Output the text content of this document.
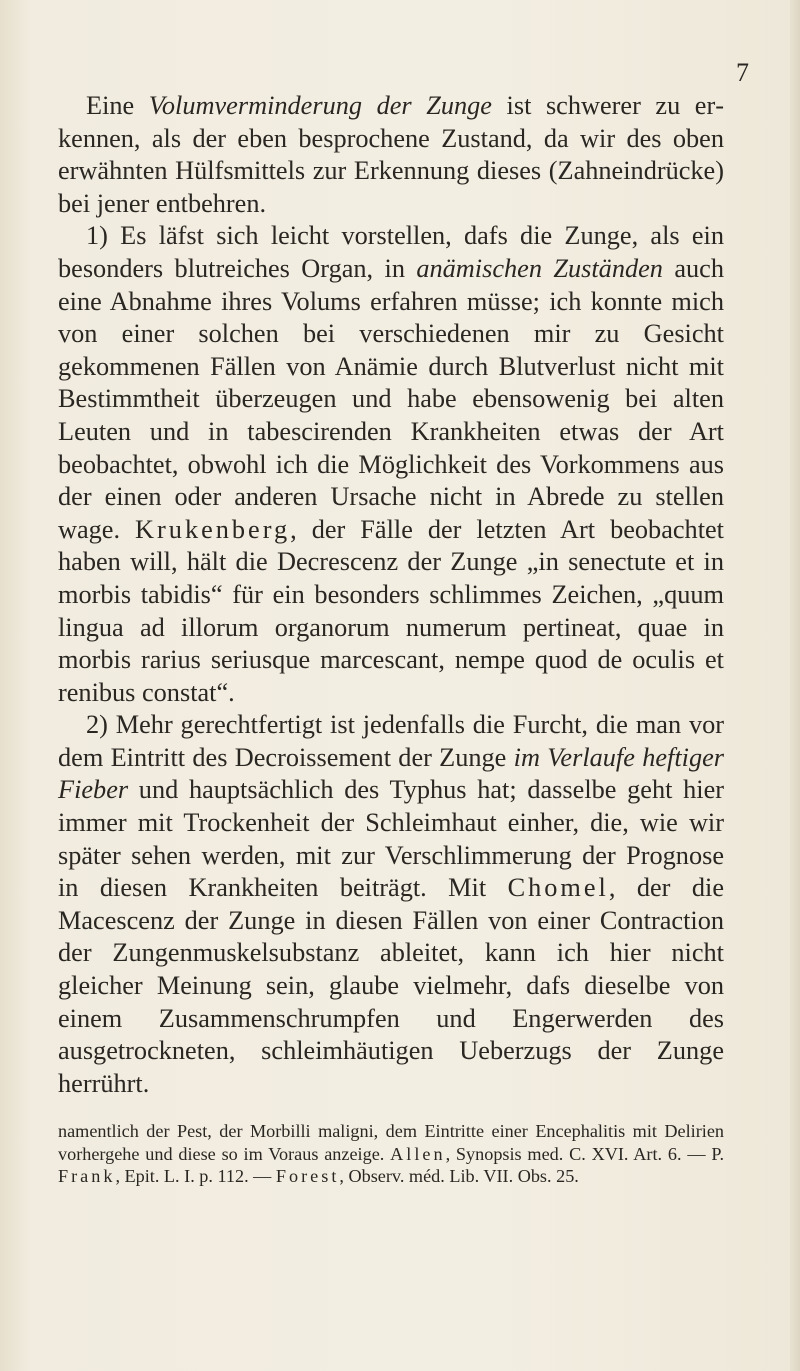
7

Eine Volumverminderung der Zunge ist schwerer zu erkennen, als der eben besprochene Zustand, da wir des oben erwähnten Hülfsmittels zur Erkennung dieses (Zahneindrücke) bei jener entbehren.

1) Es läfst sich leicht vorstellen, dafs die Zunge, als ein besonders blutreiches Organ, in anämischen Zuständen auch eine Abnahme ihres Volums erfahren müsse; ich konnte mich von einer solchen bei verschiedenen mir zu Gesicht gekommenen Fällen von Anämie durch Blutverlust nicht mit Bestimmtheit überzeugen und habe ebensowenig bei alten Leuten und in tabescirenden Krankheiten etwas der Art beobachtet, obwohl ich die Möglichkeit des Vorkommens aus der einen oder anderen Ursache nicht in Abrede zu stellen wage. Krukenberg, der Fälle der letzten Art beobachtet haben will, hält die Decrescenz der Zunge „in senectute et in morbis tabidis“ für ein besonders schlimmes Zeichen, „quum lingua ad illorum organorum numerum pertineat, quae in morbis rarius seriusque marcescant, nempe quod de oculis et renibus constat“.

2) Mehr gerechtfertigt ist jedenfalls die Furcht, die man vor dem Eintritt des Decroissement der Zunge im Verlaufe heftiger Fieber und hauptsächlich des Typhus hat; dasselbe geht hier immer mit Trockenheit der Schleimhaut einher, die, wie wir später sehen werden, mit zur Verschlimmerung der Prognose in diesen Krankheiten beiträgt. Mit Chomel, der die Macescenz der Zunge in diesen Fällen von einer Contraction der Zungenmuskelsubstanz ableitet, kann ich hier nicht gleicher Meinung sein, glaube vielmehr, dafs dieselbe von einem Zusammenschrumpfen und Engerwerden des ausgetrockneten, schleimhäutigen Ueberzugs der Zunge herrührt.

namentlich der Pest, der Morbilli maligni, dem Eintritte einer Encephalitis mit Delirien vorhergehe und diese so im Voraus anzeige. Allen, Synopsis med. C. XVI. Art. 6. — P. Frank, Epit. L. I. p. 112. — Forest, Observ. méd. Lib. VII. Obs. 25.
